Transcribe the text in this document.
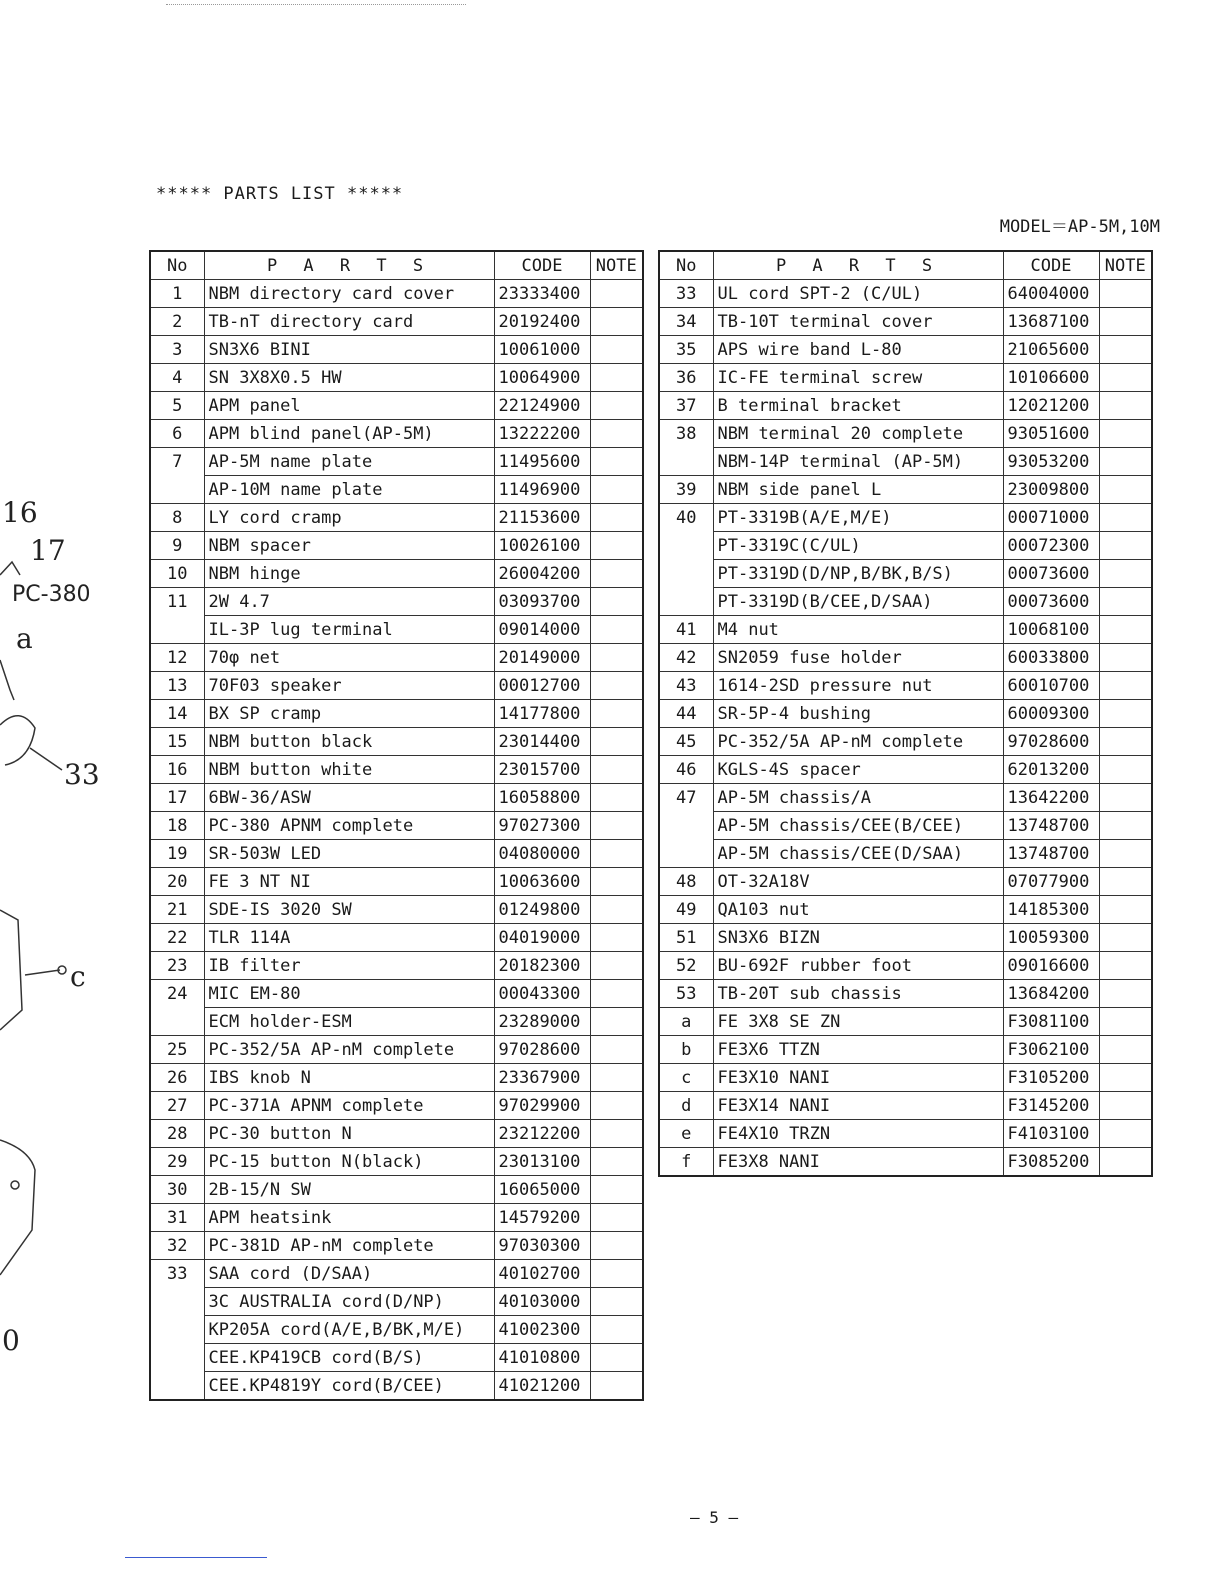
16
17
PC-380
a
33
c
0
***** PARTS LIST *****
MODEL＝AP-5M,10M
No	P A R T S	CODE	NOTE
1	NBM directory card cover	23333400	
2	TB-nT directory card	20192400	
3	SN3X6 BINI	10061000	
4	SN 3X8X0.5 HW	10064900	
5	APM panel	22124900	
6	APM blind panel(AP-5M)	13222200	
7	AP-5M name plate	11495600	
	AP-10M name plate	11496900	
8	LY cord cramp	21153600	
9	NBM spacer	10026100	
10	NBM hinge	26004200	
11	2W 4.7	03093700	
	IL-3P lug terminal	09014000	
12	70φ net	20149000	
13	70F03 speaker	00012700	
14	BX SP cramp	14177800	
15	NBM button black	23014400	
16	NBM button white	23015700	
17	6BW-36/ASW	16058800	
18	PC-380 APNM complete	97027300	
19	SR-503W LED	04080000	
20	FE 3 NT NI	10063600	
21	SDE-IS 3020 SW	01249800	
22	TLR 114A	04019000	
23	IB filter	20182300	
24	MIC EM-80	00043300	
	ECM holder-ESM	23289000	
25	PC-352/5A AP-nM complete	97028600	
26	IBS knob N	23367900	
27	PC-371A APNM complete	97029900	
28	PC-30 button N	23212200	
29	PC-15 button N(black)	23013100	
30	2B-15/N SW	16065000	
31	APM heatsink	14579200	
32	PC-381D AP-nM complete	97030300	
33	SAA cord (D/SAA)	40102700	
	3C AUSTRALIA cord(D/NP)	40103000	
	KP205A cord(A/E,B/BK,M/E)	41002300	
	CEE.KP419CB cord(B/S)	41010800	
	CEE.KP4819Y cord(B/CEE)	41021200	
No	P A R T S	CODE	NOTE
33	UL cord SPT-2 (C/UL)	64004000	
34	TB-10T terminal cover	13687100	
35	APS wire band L-80	21065600	
36	IC-FE terminal screw	10106600	
37	B terminal bracket	12021200	
38	NBM terminal 20 complete	93051600	
	NBM-14P terminal (AP-5M)	93053200	
39	NBM side panel L	23009800	
40	PT-3319B(A/E,M/E)	00071000	
	PT-3319C(C/UL)	00072300	
	PT-3319D(D/NP,B/BK,B/S)	00073600	
	PT-3319D(B/CEE,D/SAA)	00073600	
41	M4 nut	10068100	
42	SN2059 fuse holder	60033800	
43	1614-2SD pressure nut	60010700	
44	SR-5P-4 bushing	60009300	
45	PC-352/5A AP-nM complete	97028600	
46	KGLS-4S spacer	62013200	
47	AP-5M chassis/A	13642200	
	AP-5M chassis/CEE(B/CEE)	13748700	
	AP-5M chassis/CEE(D/SAA)	13748700	
48	OT-32A18V	07077900	
49	QA103 nut	14185300	
51	SN3X6 BIZN	10059300	
52	BU-692F rubber foot	09016600	
53	TB-20T sub chassis	13684200	
a	FE 3X8 SE ZN	F3081100	
b	FE3X6 TTZN	F3062100	
c	FE3X10 NANI	F3105200	
d	FE3X14 NANI	F3145200	
e	FE4X10 TRZN	F4103100	
f	FE3X8 NANI	F3085200	
— 5 —
